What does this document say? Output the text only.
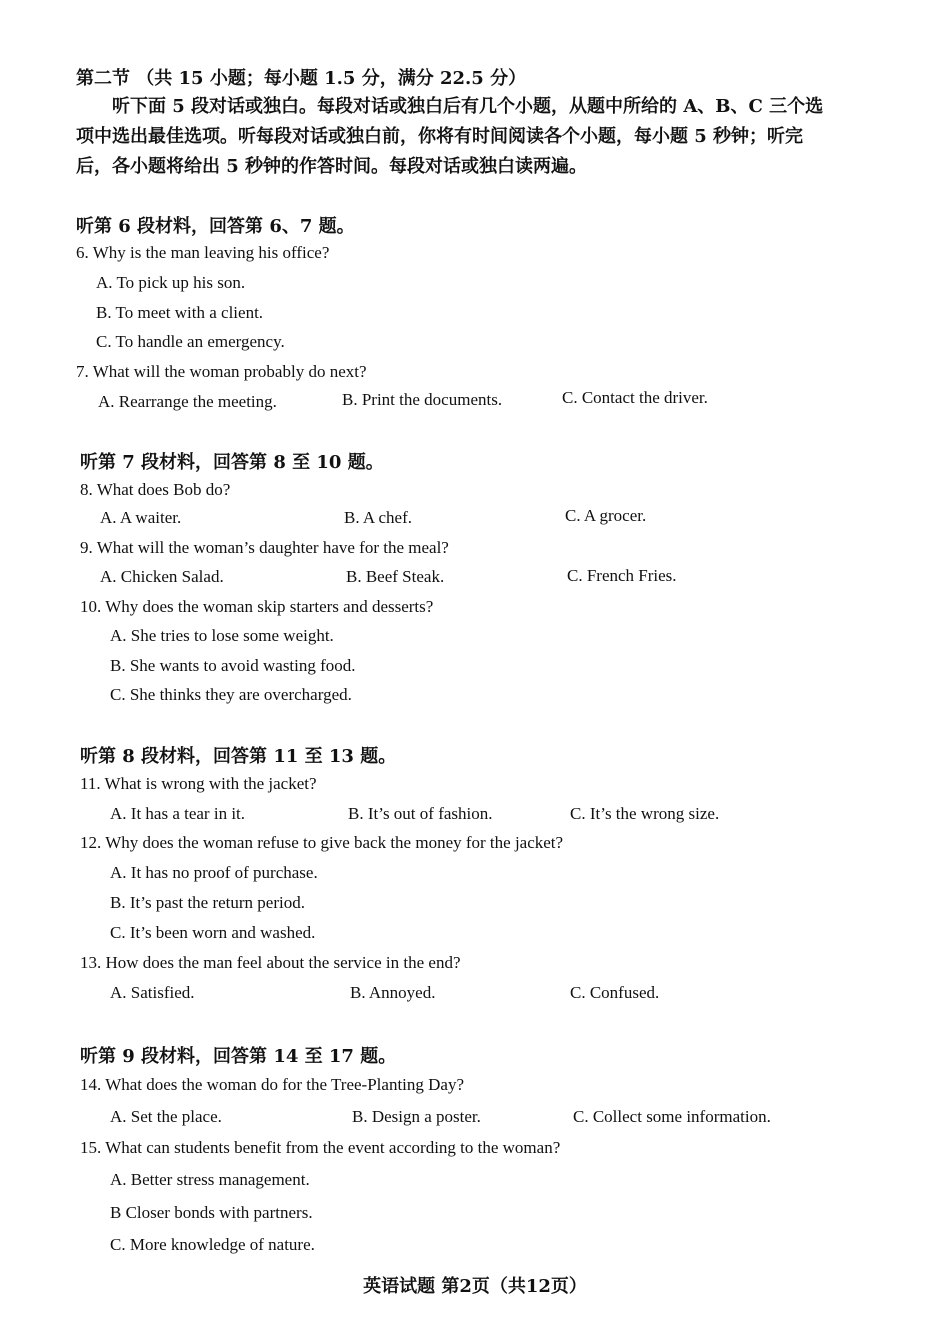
第二节 （共 15 小题；每小题 1.5 分，满分 22.5 分）
听下面 5 段对话或独白。每段对话或独白后有几个小题，从题中所给的 A、B、C 三个选项中选出最佳选项。听每段对话或独白前，你将有时间阅读各个小题，每小题 5 秒钟；听完后，各小题将给出 5 秒钟的作答时间。每段对话或独白读两遍。
听第 6 段材料，回答第 6、7 题。
6. Why is the man leaving his office?
A. To pick up his son.
B. To meet with a client.
C. To handle an emergency.
7. What will the woman probably do next?
A. Rearrange the meeting.	B. Print the documents.	C. Contact the driver.
听第 7 段材料，回答第 8 至 10 题。
8. What does Bob do?
A. A waiter.	B. A chef.	C. A grocer.
9. What will the woman’s daughter have for the meal?
A. Chicken Salad.	B. Beef Steak.	C. French Fries.
10. Why does the woman skip starters and desserts?
A. She tries to lose some weight.
B. She wants to avoid wasting food.
C. She thinks they are overcharged.
听第 8 段材料，回答第 11 至 13 题。
11. What is wrong with the jacket?
A. It has a tear in it.	B. It’s out of fashion.	C. It’s the wrong size.
12. Why does the woman refuse to give back the money for the jacket?
A. It has no proof of purchase.
B. It’s past the return period.
C. It’s been worn and washed.
13. How does the man feel about the service in the end?
A. Satisfied.	B. Annoyed.	C. Confused.
听第 9 段材料，回答第 14 至 17 题。
14. What does the woman do for the Tree-Planting Day?
A. Set the place.	B. Design a poster.	C. Collect some information.
15. What can students benefit from the event according to the woman?
A. Better stress management.
B Closer bonds with partners.
C. More knowledge of nature.
英语试题 第2页（共12页）
